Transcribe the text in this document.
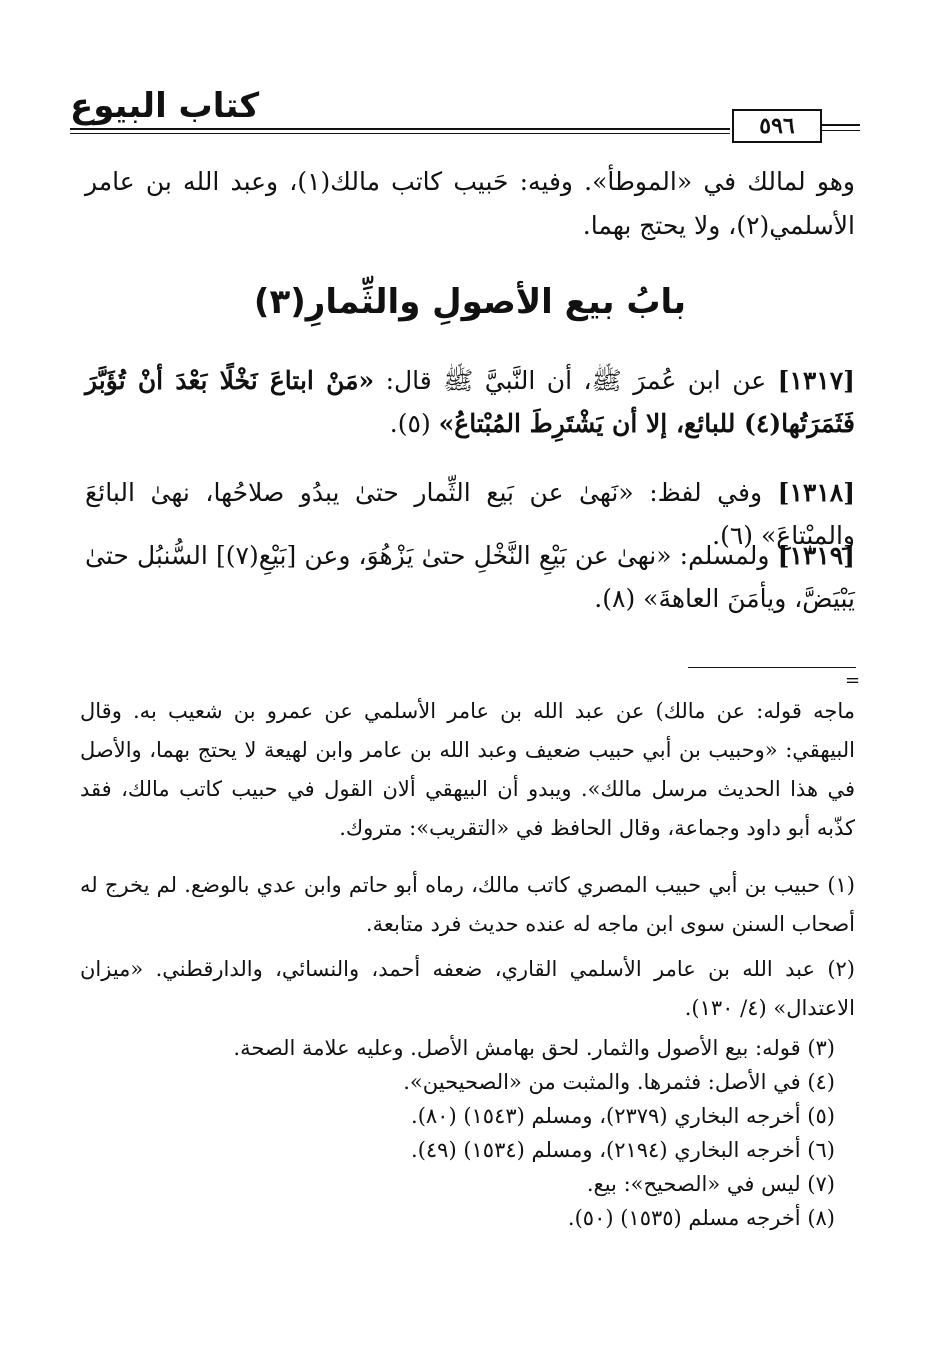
كتاب البيوع	٥٩٦
وهو لمالك في «الموطأ». وفيه: حَبيب كاتب مالك(١)، وعبد الله بن عامر الأسلمي(٢)، ولا يحتج بهما.
بابُ بيع الأصولِ والثِّمارِ(٣)
[١٣١٧] عن ابن عُمرَ ﷺ، أن النَّبيَّ ﷺ قال: «مَنْ ابتاعَ نَخْلًا بَعْدَ أنْ تُؤَبَّرَ فَثَمَرَتُها(٤) للبائع، إلا أن يَشْتَرِطَ المُبْتاعُ» (٥).
[١٣١٨] وفي لفظ: «نَهىٰ عن بَيع الثِّمار حتىٰ يبدُو صلاحُها، نهىٰ البائعَ والمبْتاعَ» (٦).
[١٣١٩] ولمسلم: «نهىٰ عن بَيْعِ النَّخْلِ حتىٰ يَزْهُوَ، وعن [بَيْعِ(٧)] السُّنبُل حتىٰ يَبْيَضَّ، ويأمَنَ العاهةَ» (٨).
=
ماجه قوله: عن مالك) عن عبد الله بن عامر الأسلمي عن عمرو بن شعيب به. وقال البيهقي: «وحبيب بن أبي حبيب ضعيف وعبد الله بن عامر وابن لهيعة لا يحتج بهما، والأصل في هذا الحديث مرسل مالك». ويبدو أن البيهقي ألان القول في حبيب كاتب مالك، فقد كذّبه أبو داود وجماعة، وقال الحافظ في «التقريب»: متروك.
(١) حبيب بن أبي حبيب المصري كاتب مالك، رماه أبو حاتم وابن عدي بالوضع. لم يخرج له أصحاب السنن سوى ابن ماجه له عنده حديث فرد متابعة.
(٢) عبد الله بن عامر الأسلمي القاري، ضعفه أحمد، والنسائي، والدارقطني. «ميزان الاعتدال» (٤/ ١٣٠).
(٣) قوله: بيع الأصول والثمار. لحق بهامش الأصل. وعليه علامة الصحة.
(٤) في الأصل: فثمرها. والمثبت من «الصحيحين».
(٥) أخرجه البخاري (٢٣٧٩)، ومسلم (١٥٤٣) (٨٠).
(٦) أخرجه البخاري (٢١٩٤)، ومسلم (١٥٣٤) (٤٩).
(٧) ليس في «الصحيح»: بيع.
(٨) أخرجه مسلم (١٥٣٥) (٥٠).
